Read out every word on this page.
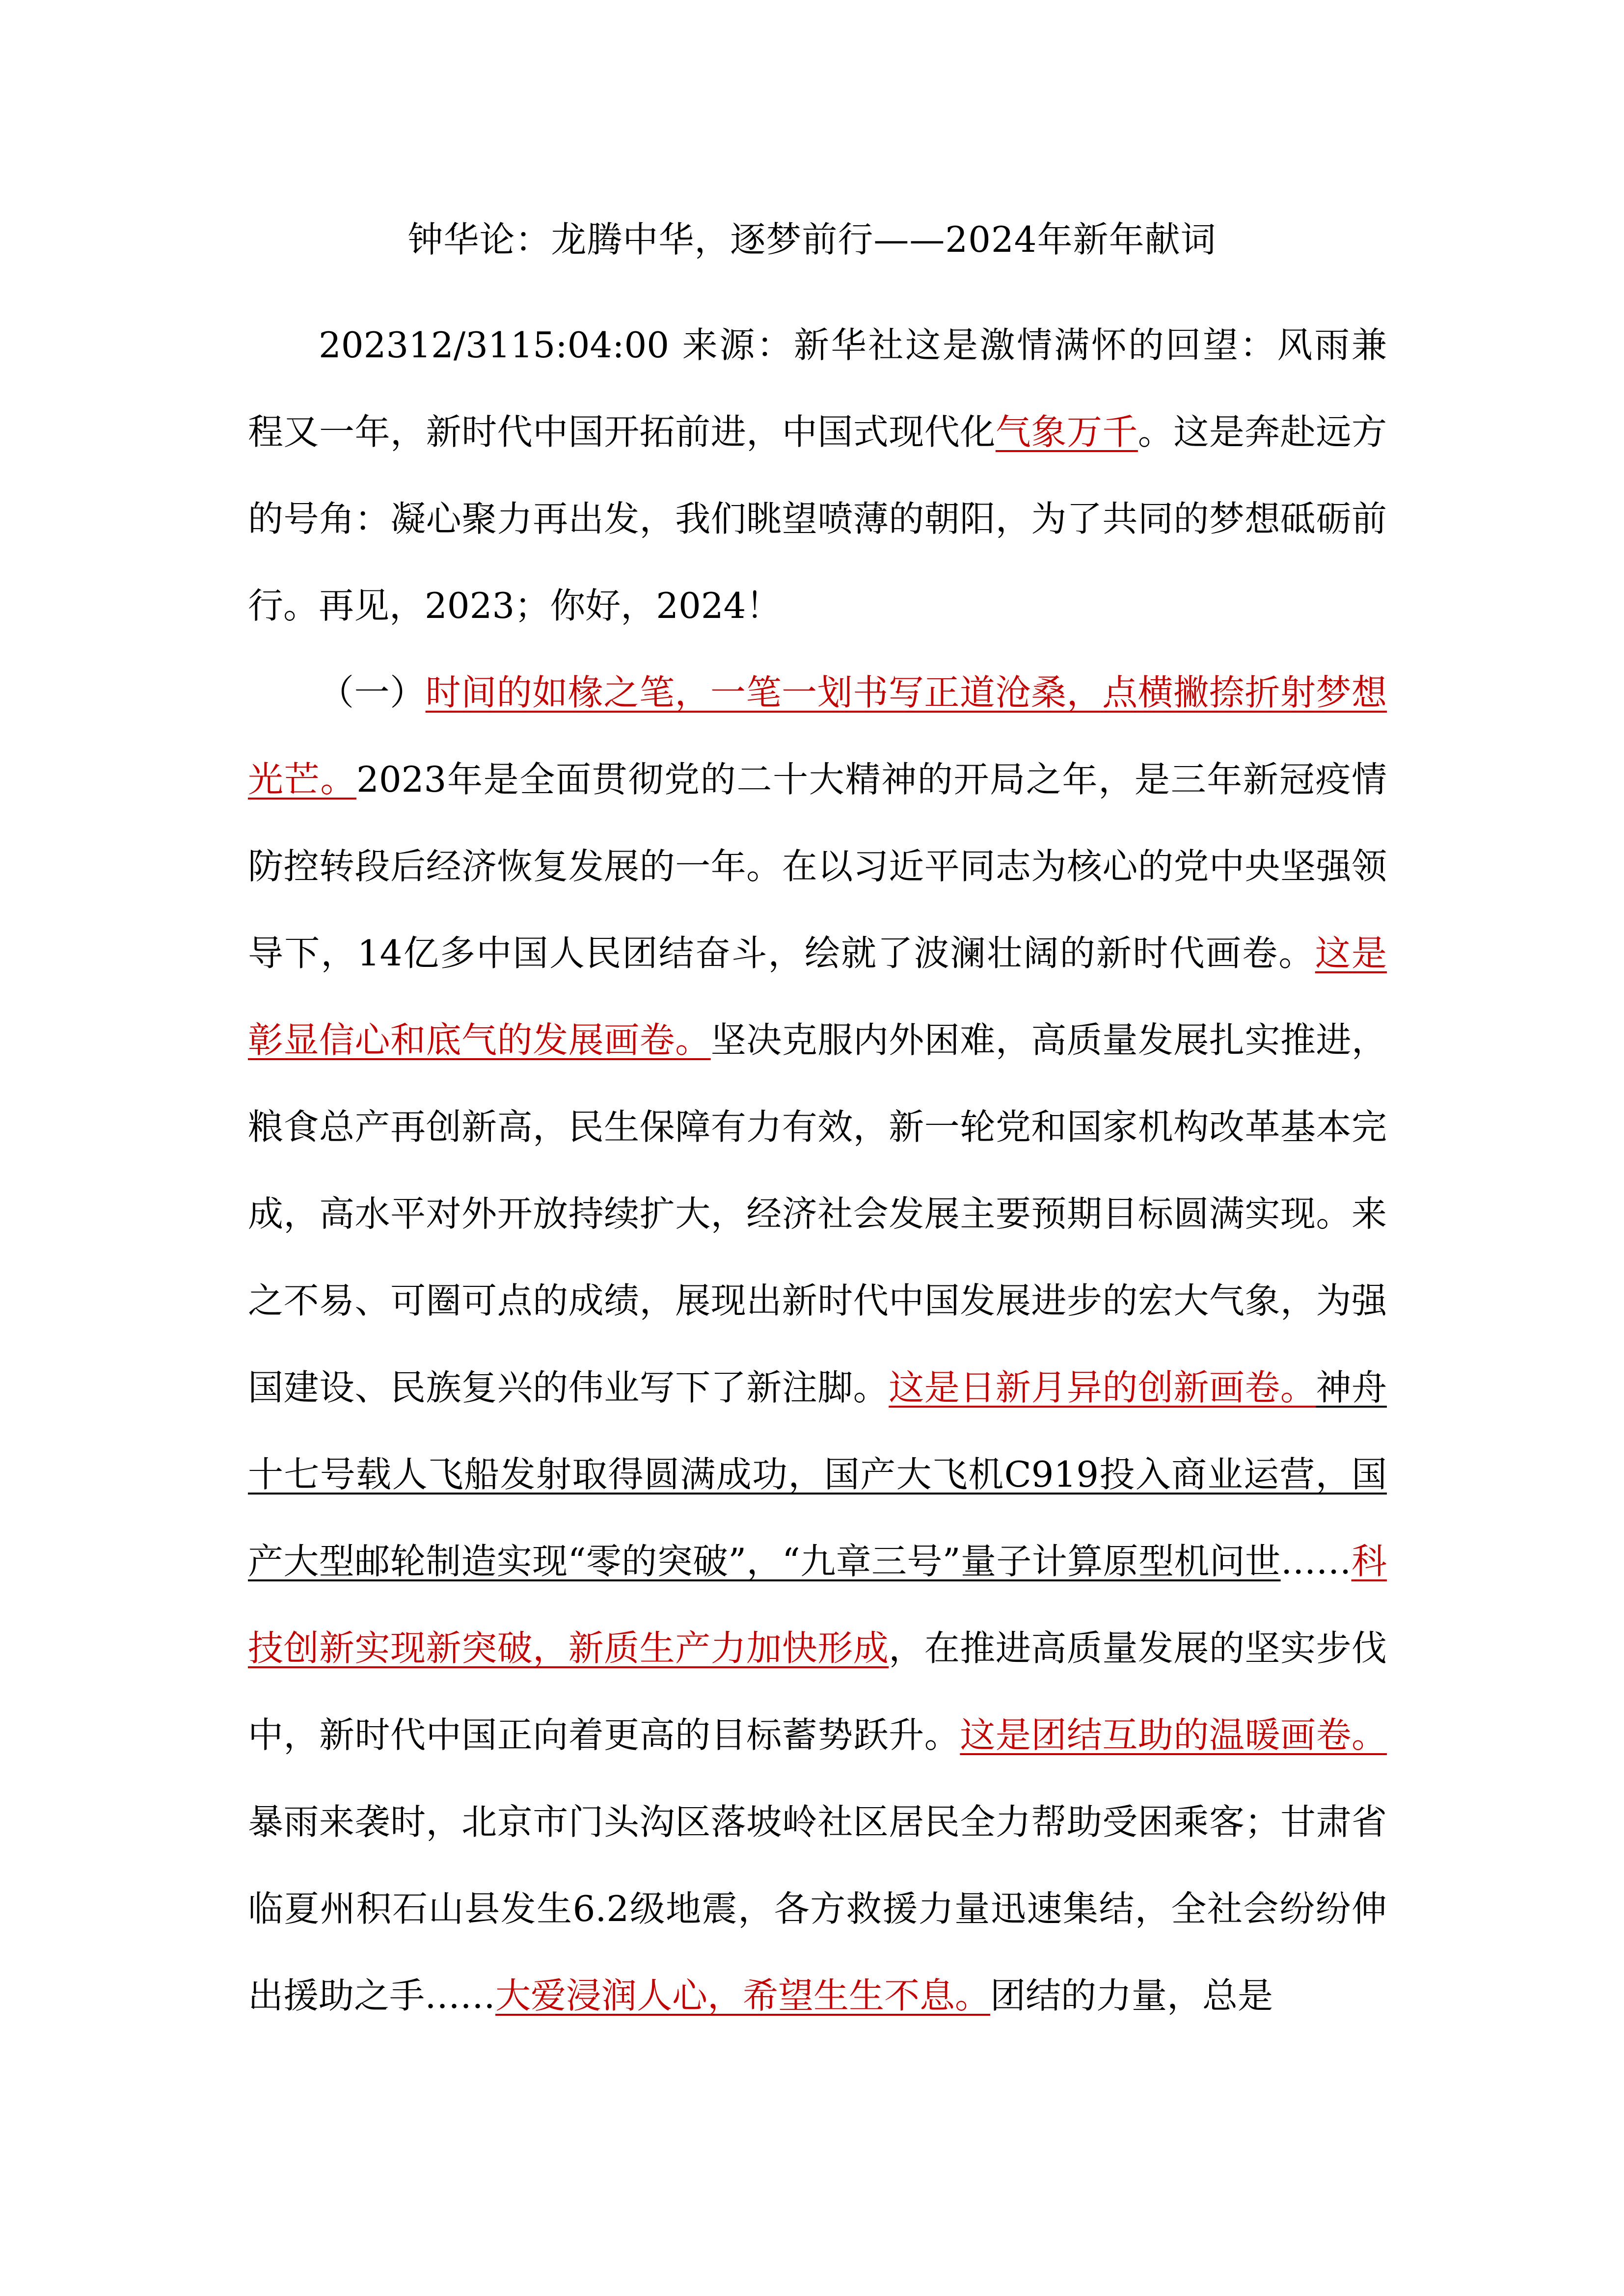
钟华论：龙腾中华，逐梦前行——2024年新年献词

202312/3115:04:00 来源：新华社这是激情满怀的回望：风雨兼程又一年，新时代中国开拓前进，中国式现代化气象万千。这是奔赴远方的号角：凝心聚力再出发，我们眺望喷薄的朝阳，为了共同的梦想砥砺前行。再见，2023；你好，2024！

（一）时间的如椽之笔，一笔一划书写正道沧桑，点横撇捺折射梦想光芒。2023年是全面贯彻党的二十大精神的开局之年，是三年新冠疫情防控转段后经济恢复发展的一年。在以习近平同志为核心的党中央坚强领导下，14亿多中国人民团结奋斗，绘就了波澜壮阔的新时代画卷。这是彰显信心和底气的发展画卷。坚决克服内外困难，高质量发展扎实推进，粮食总产再创新高，民生保障有力有效，新一轮党和国家机构改革基本完成，高水平对外开放持续扩大，经济社会发展主要预期目标圆满实现。来之不易、可圈可点的成绩，展现出新时代中国发展进步的宏大气象，为强国建设、民族复兴的伟业写下了新注脚。这是日新月异的创新画卷。神舟十七号载人飞船发射取得圆满成功，国产大飞机C919投入商业运营，国产大型邮轮制造实现“零的突破”，“九章三号”量子计算原型机问世……科技创新实现新突破，新质生产力加快形成，在推进高质量发展的坚实步伐中，新时代中国正向着更高的目标蓄势跃升。这是团结互助的温暖画卷。暴雨来袭时，北京市门头沟区落坡岭社区居民全力帮助受困乘客；甘肃省临夏州积石山县发生6.2级地震，各方救援力量迅速集结，全社会纷纷伸出援助之手……大爱浸润人心，希望生生不息。团结的力量，总是
